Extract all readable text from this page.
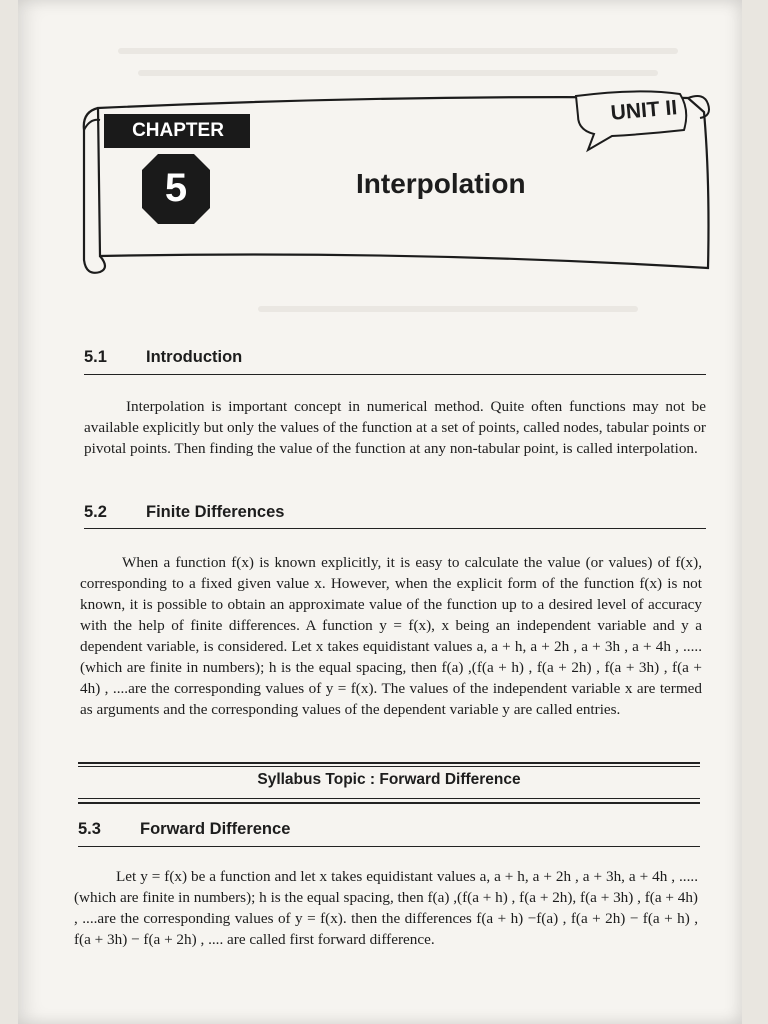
CHAPTER
5
UNIT II
Interpolation
5.1 Introduction
Interpolation is important concept in numerical method. Quite often functions may not be available explicitly but only the values of the function at a set of points, called nodes, tabular points or pivotal points. Then finding the value of the function at any non-tabular point, is called interpolation.
5.2 Finite Differences
When a function f(x) is known explicitly, it is easy to calculate the value (or values) of f(x), corresponding to a fixed given value x. However, when the explicit form of the function f(x) is not known, it is possible to obtain an approximate value of the function up to a desired level of accuracy with the help of finite differences. A function y = f(x), x being an independent variable and y a dependent variable, is considered. Let x takes equidistant values a, a + h, a + 2h , a + 3h , a + 4h , .....(which are finite in numbers); h is the equal spacing, then f(a) ,(f(a + h) , f(a + 2h) , f(a + 3h) , f(a + 4h) , ....are the corresponding values of y = f(x). The values of the independent variable x are termed as arguments and the corresponding values of the dependent variable y are called entries.
Syllabus Topic : Forward Difference
5.3 Forward Difference
Let y = f(x) be a function and let x takes equidistant values a, a + h, a + 2h , a + 3h, a + 4h , .....(which are finite in numbers); h is the equal spacing, then f(a) ,(f(a + h) , f(a + 2h), f(a + 3h) , f(a + 4h) , ....are the corresponding values of y = f(x). then the differences f(a + h) −f(a) , f(a + 2h) − f(a + h) , f(a + 3h) − f(a + 2h) , .... are called first forward difference.
